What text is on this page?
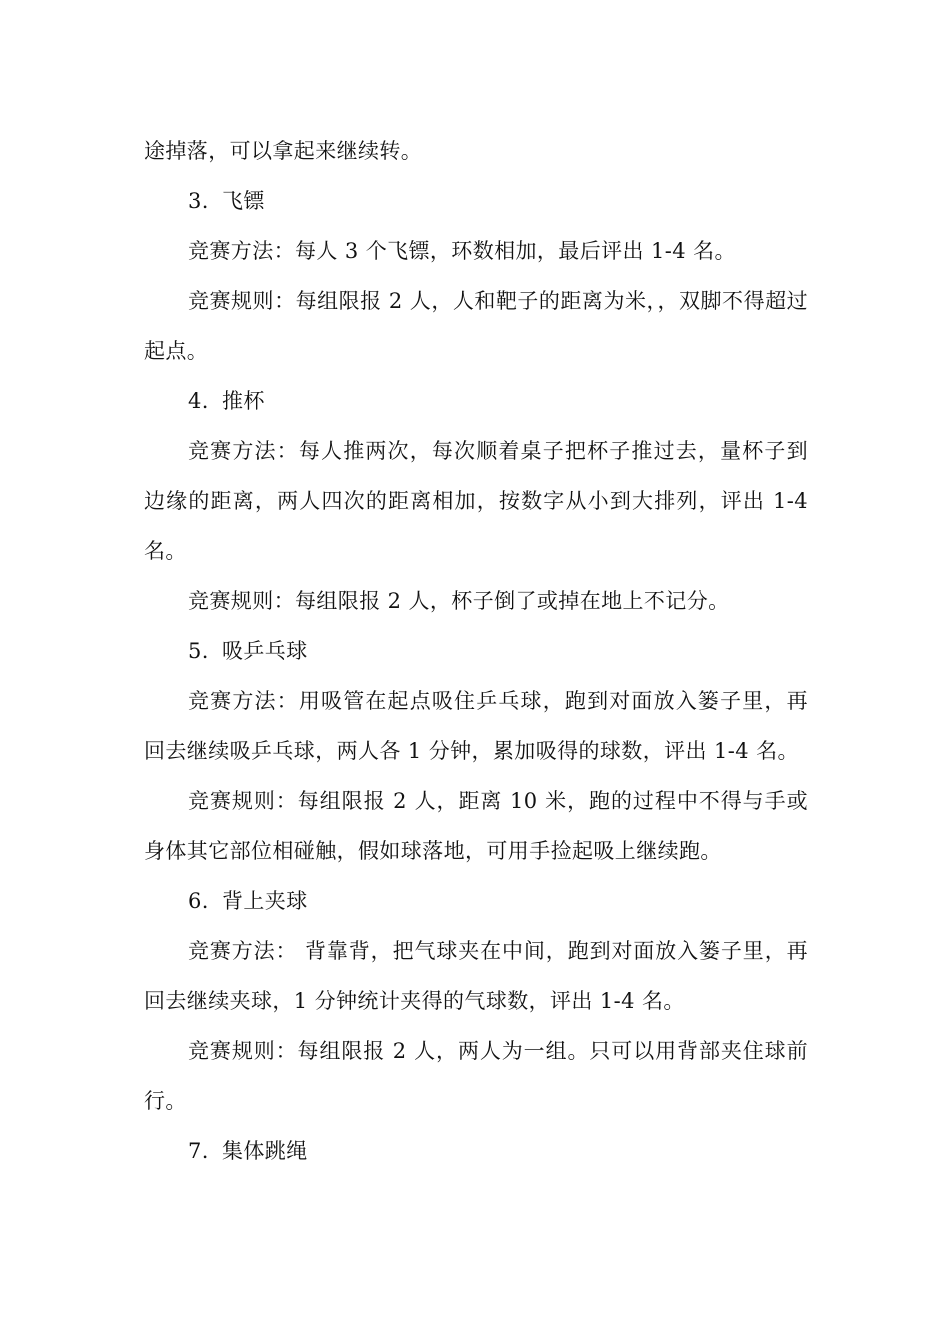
途掉落，可以拿起来继续转。

3. 飞镖

竞赛方法：每人 3 个飞镖，环数相加，最后评出 1-4 名。

竞赛规则：每组限报 2 人，人和靶子的距离为米，，双脚不得超过起点。

4. 推杯

竞赛方法：每人推两次，每次顺着桌子把杯子推过去，量杯子到边缘的距离，两人四次的距离相加，按数字从小到大排列，评出 1-4 名。

竞赛规则：每组限报 2 人，杯子倒了或掉在地上不记分。

5. 吸乒乓球

竞赛方法：用吸管在起点吸住乒乓球，跑到对面放入篓子里，再回去继续吸乒乓球，两人各 1 分钟，累加吸得的球数，评出 1-4 名。

竞赛规则：每组限报 2 人，距离 10 米，跑的过程中不得与手或身体其它部位相碰触，假如球落地，可用手捡起吸上继续跑。

6. 背上夹球

竞赛方法： 背靠背，把气球夹在中间，跑到对面放入篓子里，再回去继续夹球，1 分钟统计夹得的气球数，评出 1-4 名。

竞赛规则：每组限报 2 人，两人为一组。只可以用背部夹住球前行。

7. 集体跳绳
